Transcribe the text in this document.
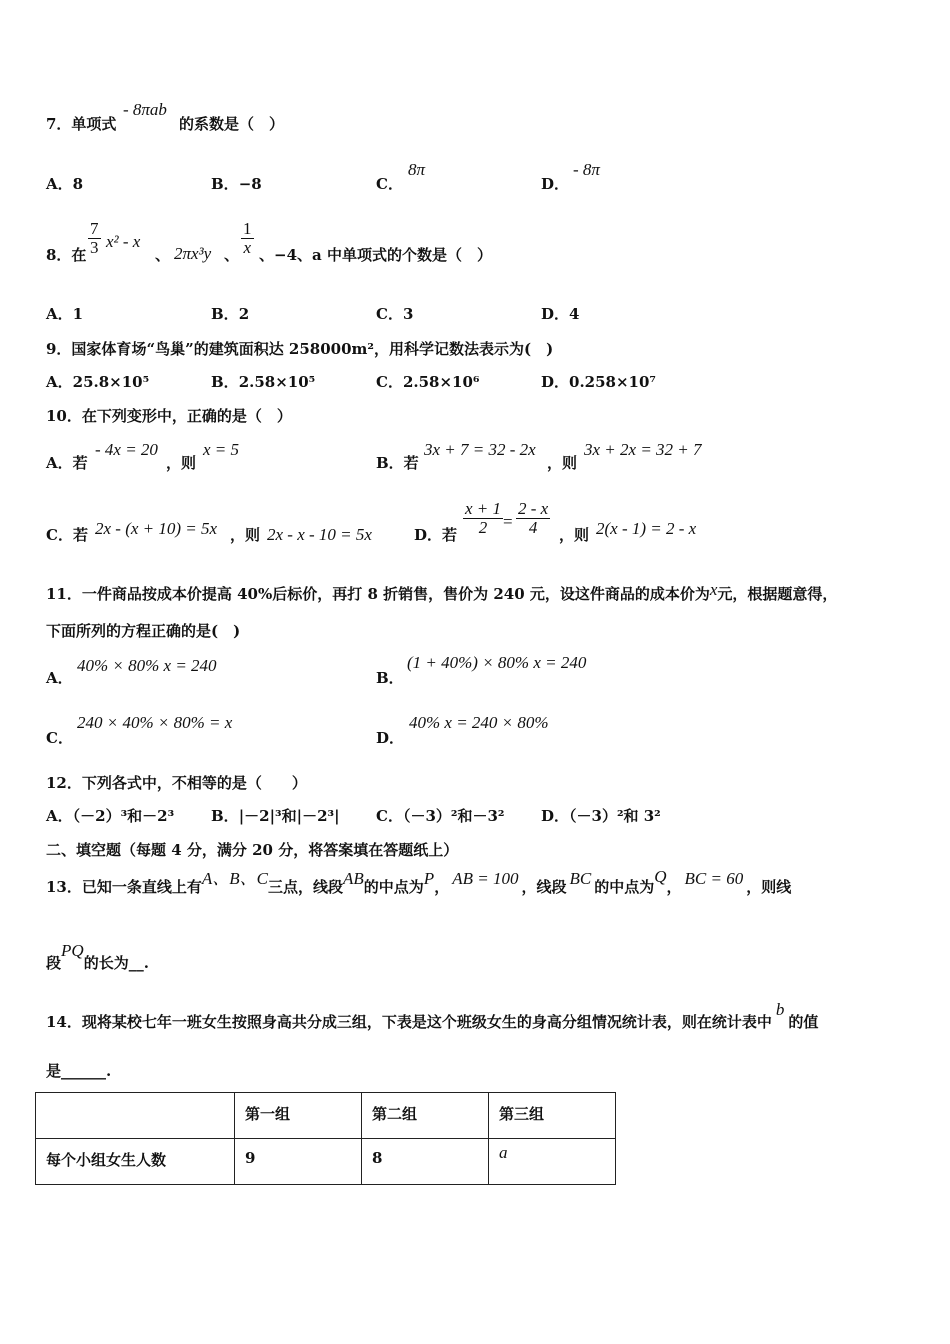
7．单项式
- 8πab
的系数是（　）
A．8	B．−8	C．
8π
D．
- 8π
8．在 $\frac{7}{3} x^2$ - x
、 2πx³y 、 $\frac{1}{x}$ 、−4、a 中单项式的个数是（　）
A．1	B．2	C．3	D．4
9．国家体育场“鸟巢”的建筑面积达 258000m²，用科学记数法表示为(　)
A．25.8×10⁵	B．2.58×10⁵	C．2.58×10⁶	D．0.258×10⁷
10．在下列变形中，正确的是（　）
A．若
- 4x = 20
，则
x = 5
B．若
3x + 7 = 32 - 2x
，则
3x + 2x = 32 + 7
C．若 2x - (x + 10) = 5x ，则 2x - x - 10 = 5x	D．若 $\frac{x + 1}{2} = \frac{2 - x}{4}$ ，则 2(x - 1) = 2 - x
11．一件商品按成本价提高 40%后标价，再打 8 折销售，售价为 240 元，设这件商品的成本价为x元，根据题意得，
下面所列的方程正确的是(　)
A．
40% × 80% x = 240
B．
(1 + 40%) × 80% x = 240
C．
240 × 40% × 80% = x
D．
40% x = 240 × 80%
12．下列各式中，不相等的是（　　）
A．（－2）³和－2³ B．|－2|³和|－2³| C．（－3）²和－3² D．（－3）²和 3²
二、填空题（每题 4 分，满分 20 分，将答案填在答题纸上）
13．已知一条直线上有A、B、C三点，线段AB的中点为P， AB = 100 ，线段 BC 的中点为Q， BC = 60 ，则线
段PQ的长为__.
14．现将某校七年一班女生按照身高共分成三组，下表是这个班级女生的身高分组情况统计表，则在统计表中b的值
是______.
	第一组	第二组	第三组
每个小组女生人数	9	8	a
